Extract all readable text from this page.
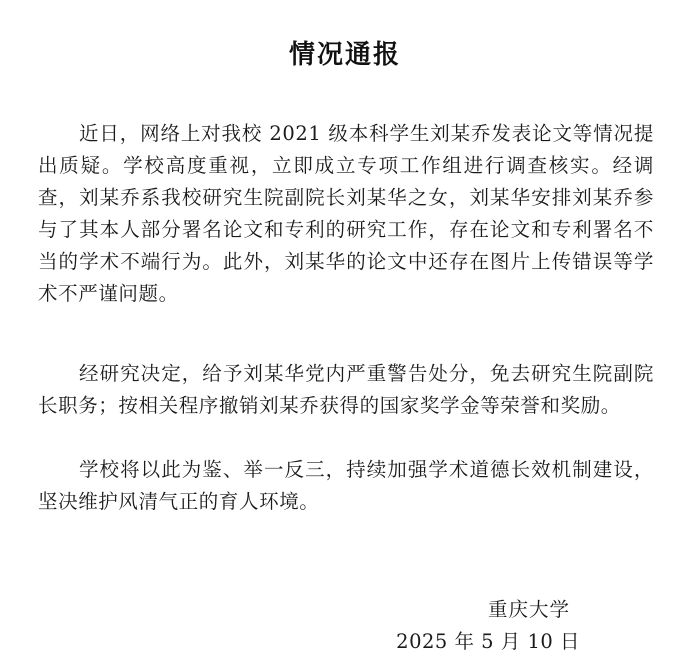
情况通报

近日，网络上对我校 2021 级本科学生刘某乔发表论文等情况提出质疑。学校高度重视，立即成立专项工作组进行调查核实。经调查，刘某乔系我校研究生院副院长刘某华之女，刘某华安排刘某乔参与了其本人部分署名论文和专利的研究工作，存在论文和专利署名不当的学术不端行为。此外，刘某华的论文中还存在图片上传错误等学术不严谨问题。

经研究决定，给予刘某华党内严重警告处分，免去研究生院副院长职务；按相关程序撤销刘某乔获得的国家奖学金等荣誉和奖励。

学校将以此为鉴、举一反三，持续加强学术道德长效机制建设，坚决维护风清气正的育人环境。

重庆大学
2025 年 5 月 10 日
